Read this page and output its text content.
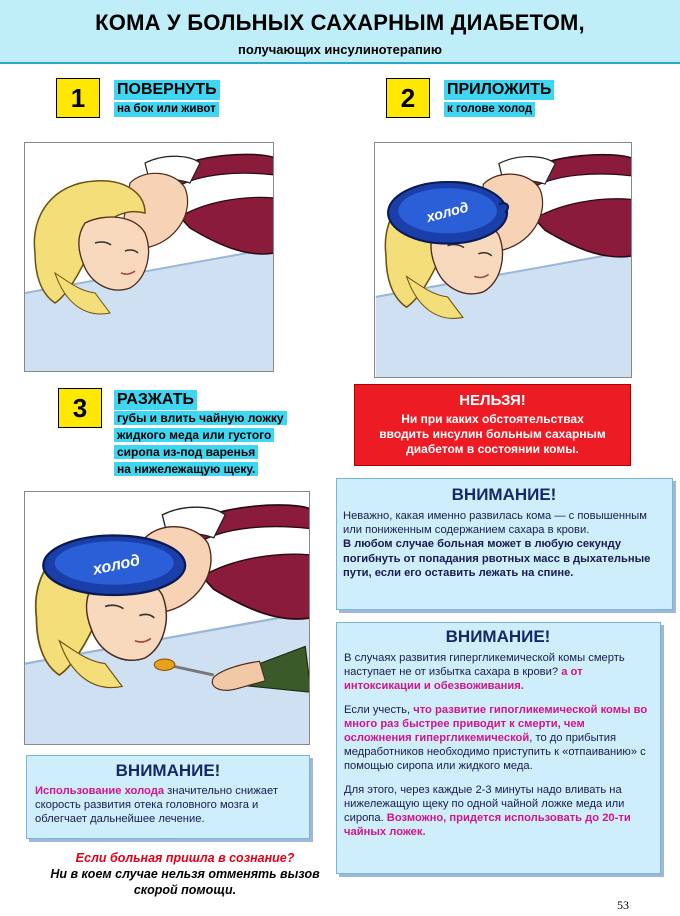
КОМА У БОЛЬНЫХ САХАРНЫМ ДИАБЕТОМ,
получающих инсулинотерапию
1	ПОВЕРНУТЬ
на бок или живот	2	ПРИЛОЖИТЬ
к голове холод
холод
3	РАЗЖАТЬ
губы и влить чайную ложку
жидкого меда или густого
сиропа из-под варенья
на нижележащую щеку.
НЕЛЬЗЯ!
Ни при каких обстоятельствах
вводить инсулин больным сахарным
диабетом в состоянии комы.
холод
ВНИМАНИЕ!

Неважно, какая именно развилась кома — с повышенным или пониженным содержанием сахара в крови.

В любом случае больная может в любую секунду погибнуть от попадания рвотных масс в дыхательные пути, если его оставить лежать на спине.

ВНИМАНИЕ!

В случаях развития гипергликемической комы смерть наступает не от избытка сахара в крови? а от интоксикации и обезвоживания.

Если учесть, что развитие гипогликемической комы во много раз быстрее приводит к смерти, чем осложнения гипергликемической, то до прибытия медработников необходимо приступить к «отпаиванию» с помощью сиропа или жидкого меда.

Для этого, через каждые 2-3 минуты надо вливать на нижележащую щеку по одной чайной ложке меда или сиропа. Возможно, придется использовать до 20-ти чайных ложек.

ВНИМАНИЕ!

Использование холода значительно снижает скорость развития отека головного мозга и облегчает дальнейшее лечение.

Если больная пришла в сознание?
Ни в коем случае нельзя отменять вызов скорой помощи.
53
